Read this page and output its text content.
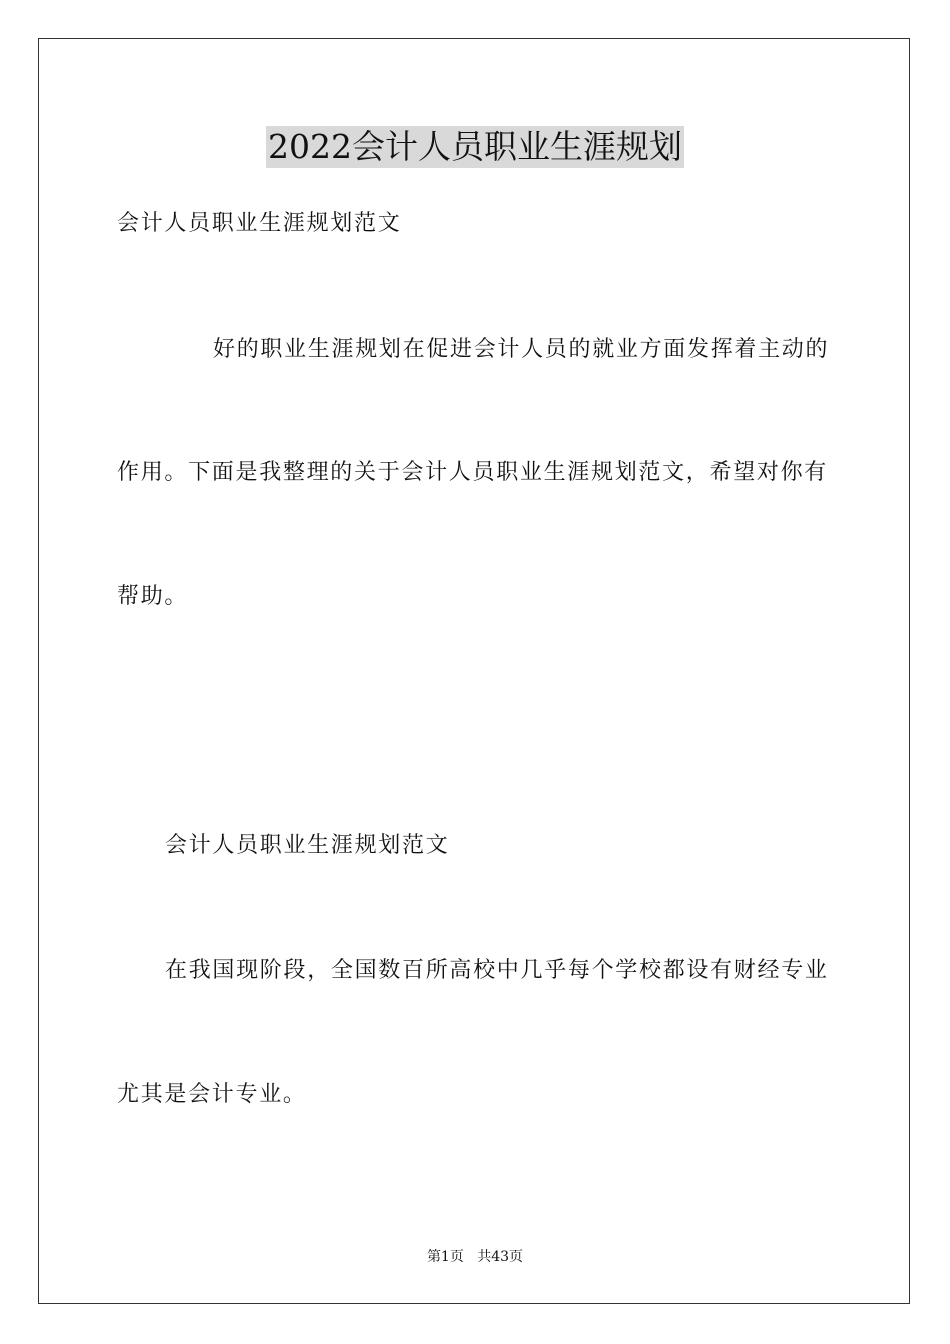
2022会计人员职业生涯规划
会计人员职业生涯规划范文
好的职业生涯规划在促进会计人员的就业方面发挥着主动的
作用。下面是我整理的关于会计人员职业生涯规划范文，希望对你有
帮助。
会计人员职业生涯规划范文
在我国现阶段，全国数百所高校中几乎每个学校都设有财经专业
尤其是会计专业。
第1页 共43页
